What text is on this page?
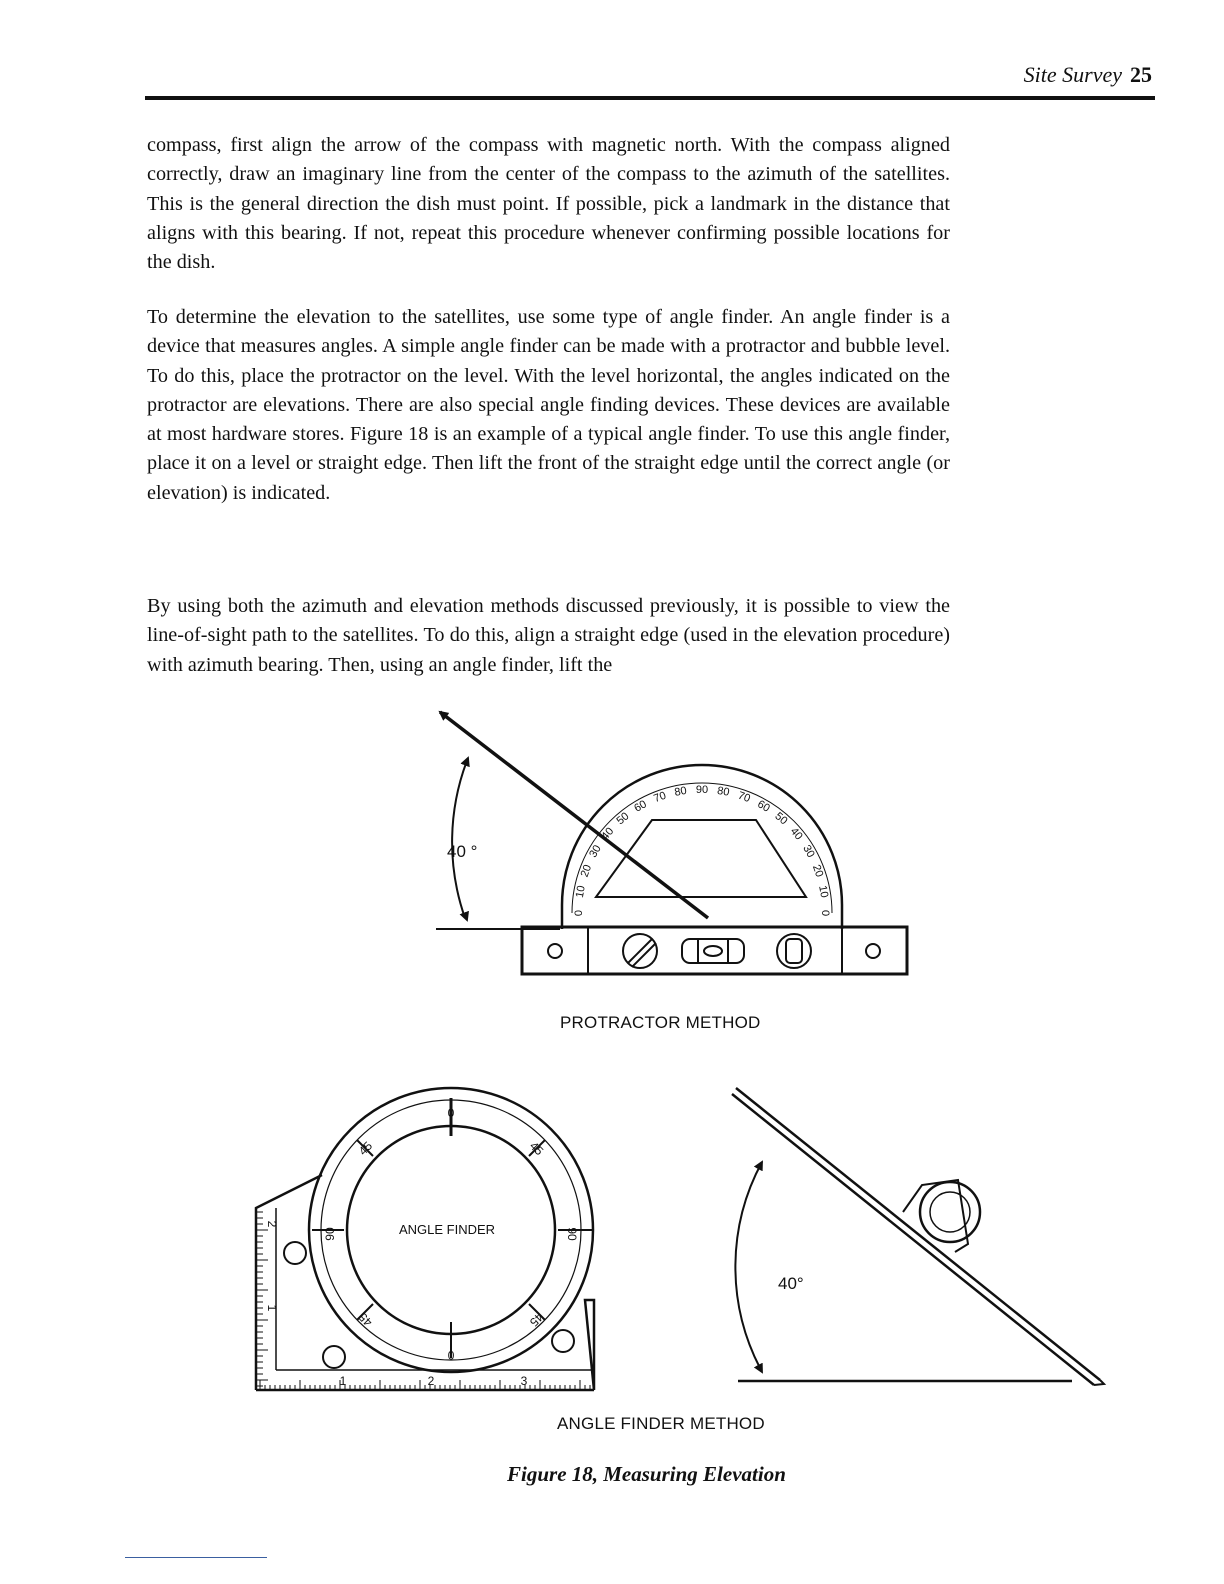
Site Survey 25

compass, first align the arrow of the compass with magnetic north. With the compass aligned correctly, draw an imaginary line from the center of the compass to the azimuth of the satellites. This is the general direction the dish must point. If possible, pick a landmark in the distance that aligns with this bearing. If not, repeat this procedure whenever confirming possible locations for the dish.

To determine the elevation to the satellites, use some type of angle finder. An angle finder is a device that measures angles. A simple angle finder can be made with a protractor and bubble level. To do this, place the protractor on the level. With the level horizontal, the angles indicated on the protractor are elevations. There are also special angle finding devices. These devices are available at most hardware stores. Figure 18 is an example of a typical angle finder. To use this angle finder, place it on a level or straight edge. Then lift the front of the straight edge until the correct angle (or elevation) is indicated.

By using both the azimuth and elevation methods discussed previously, it is possible to view the line-of-sight path to the satellites. To do this, align a straight edge (used in the elevation procedure) with azimuth bearing. Then, using an angle finder, lift the

40 °
0
10
20
30
40
50
60
70 80 90 80 70
60
50
40
30
20
10
0
ANGLE FINDER
0
45
90
45
0
45
90
45
1	2	3
2
1
40°
PROTRACTOR METHOD
ANGLE FINDER METHOD
Figure 18, Measuring Elevation
